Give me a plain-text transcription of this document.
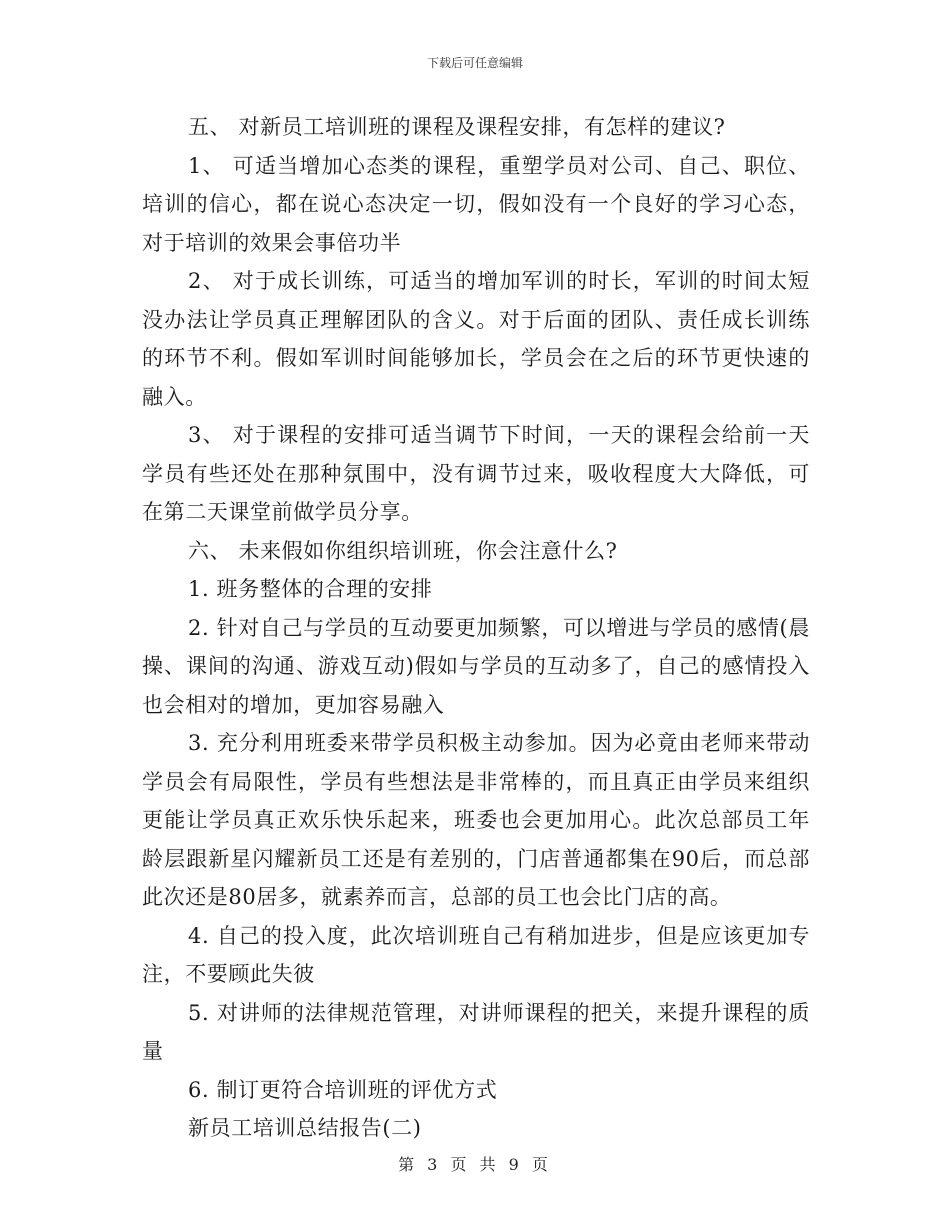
下载后可任意编辑

五、 对新员工培训班的课程及课程安排，有怎样的建议?

1、 可适当增加心态类的课程，重塑学员对公司、自己、职位、培训的信心，都在说心态决定一切，假如没有一个良好的学习心态，对于培训的效果会事倍功半

2、 对于成长训练，可适当的增加军训的时长，军训的时间太短没办法让学员真正理解团队的含义。对于后面的团队、责任成长训练的环节不利。假如军训时间能够加长，学员会在之后的环节更快速的融入。

3、 对于课程的安排可适当调节下时间，一天的课程会给前一天学员有些还处在那种氛围中，没有调节过来，吸收程度大大降低，可在第二天课堂前做学员分享。

六、 未来假如你组织培训班，你会注意什么?

1. 班务整体的合理的安排

2. 针对自己与学员的互动要更加频繁，可以增进与学员的感情(晨操、课间的沟通、游戏互动)假如与学员的互动多了，自己的感情投入也会相对的增加，更加容易融入

3. 充分利用班委来带学员积极主动参加。因为必竟由老师来带动学员会有局限性，学员有些想法是非常棒的，而且真正由学员来组织更能让学员真正欢乐快乐起来，班委也会更加用心。此次总部员工年龄层跟新星闪耀新员工还是有差别的，门店普通都集在90后，而总部此次还是80居多，就素养而言，总部的员工也会比门店的高。

4. 自己的投入度，此次培训班自己有稍加进步，但是应该更加专注，不要顾此失彼

5. 对讲师的法律规范管理，对讲师课程的把关，来提升课程的质量

6. 制订更符合培训班的评优方式

新员工培训总结报告(二)

第 3 页 共 9 页
